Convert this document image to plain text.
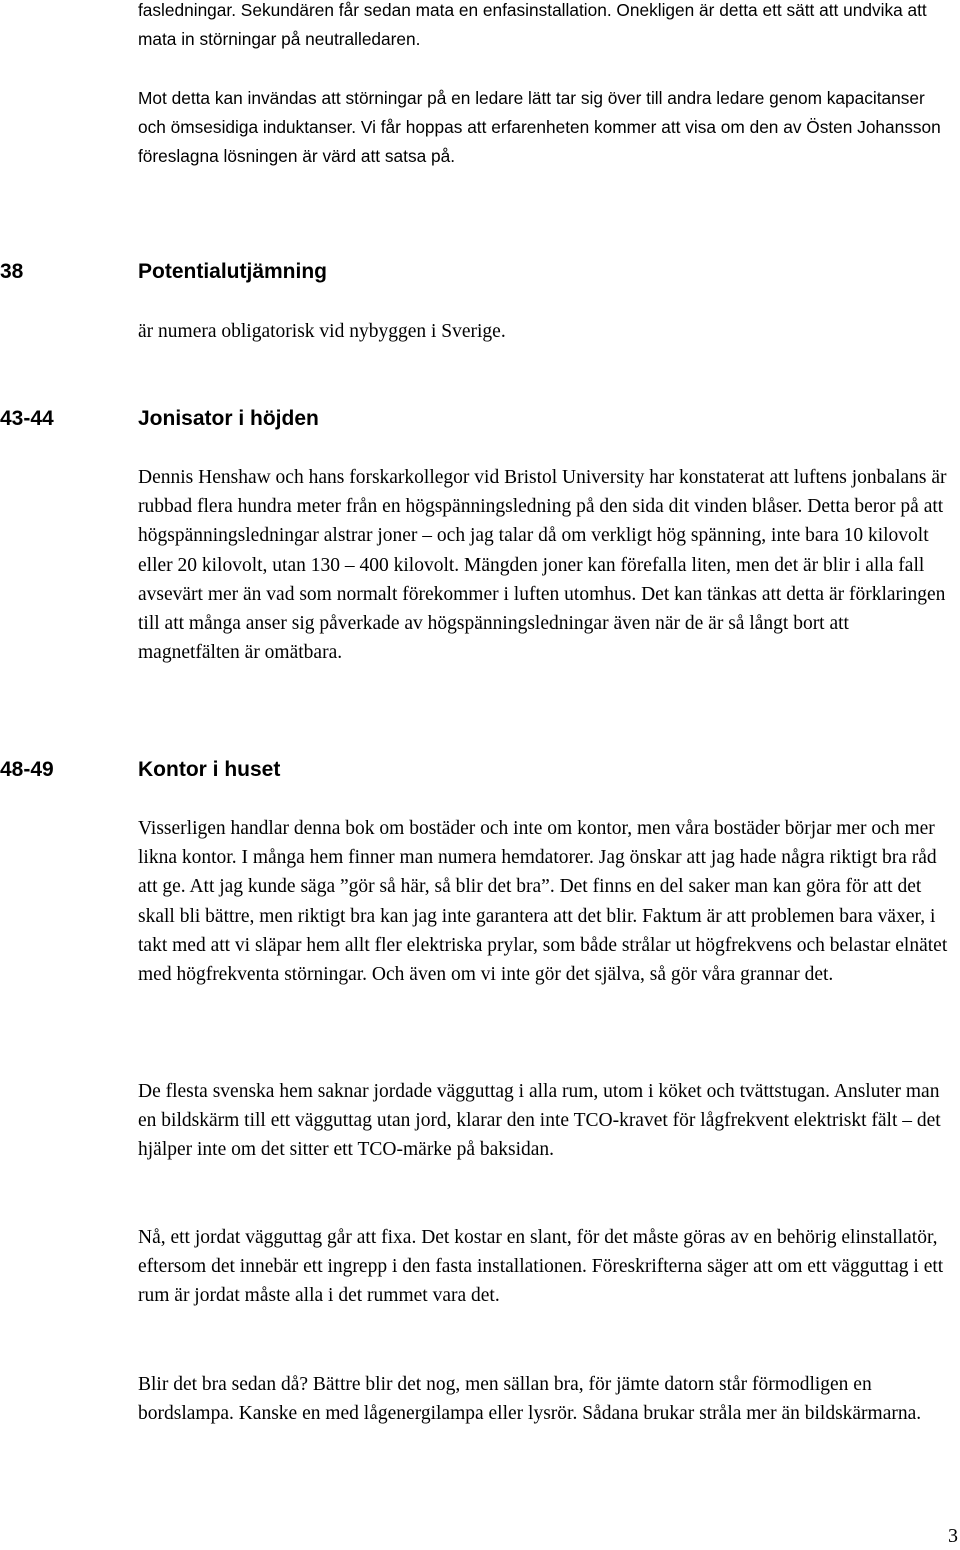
fasledningar. Sekundären får sedan mata en enfasinstallation. Onekligen är detta ett sätt att undvika att mata in störningar på neutralledaren.

Mot detta kan invändas att störningar på en ledare lätt tar sig över till andra ledare genom kapacitanser och ömsesidiga induktanser. Vi får hoppas att erfarenheten kommer att visa om den av Östen Johansson föreslagna lösningen är värd att satsa på.

38	Potentialutjämning

är numera obligatorisk vid nybyggen i Sverige.

43-44	Jonisator i höjden

Dennis Henshaw och hans forskarkollegor vid Bristol University har konstaterat att luftens jonbalans är rubbad flera hundra meter från en högspänningsledning på den sida dit vinden blåser. Detta beror på att högspänningsledningar alstrar joner – och jag talar då om verkligt hög spänning, inte bara 10 kilovolt eller 20 kilovolt, utan 130 – 400 kilovolt. Mängden joner kan förefalla liten, men det är blir i alla fall avsevärt mer än vad som normalt förekommer i luften utomhus. Det kan tänkas att detta är förklaringen till att många anser sig påverkade av högspänningsledningar även när de är så långt bort att magnetfälten är omätbara.

48-49	Kontor i huset

Visserligen handlar denna bok om bostäder och inte om kontor, men våra bostäder börjar mer och mer likna kontor. I många hem finner man numera hemdatorer. Jag önskar att jag hade några riktigt bra råd att ge. Att jag kunde säga ”gör så här, så blir det bra”. Det finns en del saker man kan göra för att det skall bli bättre, men riktigt bra kan jag inte garantera att det blir. Faktum är att problemen bara växer, i takt med att vi släpar hem allt fler elektriska prylar, som både strålar ut högfrekvens och belastar elnätet med högfrekventa störningar. Och även om vi inte gör det själva, så gör våra grannar det.

De flesta svenska hem saknar jordade vägguttag i alla rum, utom i köket och tvättstugan. Ansluter man en bildskärm till ett vägguttag utan jord, klarar den inte TCO-kravet för lågfrekvent elektriskt fält – det hjälper inte om det sitter ett TCO-märke på baksidan.

Nå, ett jordat vägguttag går att fixa. Det kostar en slant, för det måste göras av en behörig elinstallatör, eftersom det innebär ett ingrepp i den fasta installationen. Föreskrifterna säger att om ett vägguttag i ett rum är jordat måste alla i det rummet vara det.

Blir det bra sedan då? Bättre blir det nog, men sällan bra, för jämte datorn står förmodligen en bordslampa. Kanske en med lågenergilampa eller lysrör. Sådana brukar stråla mer än bildskärmarna.

3
